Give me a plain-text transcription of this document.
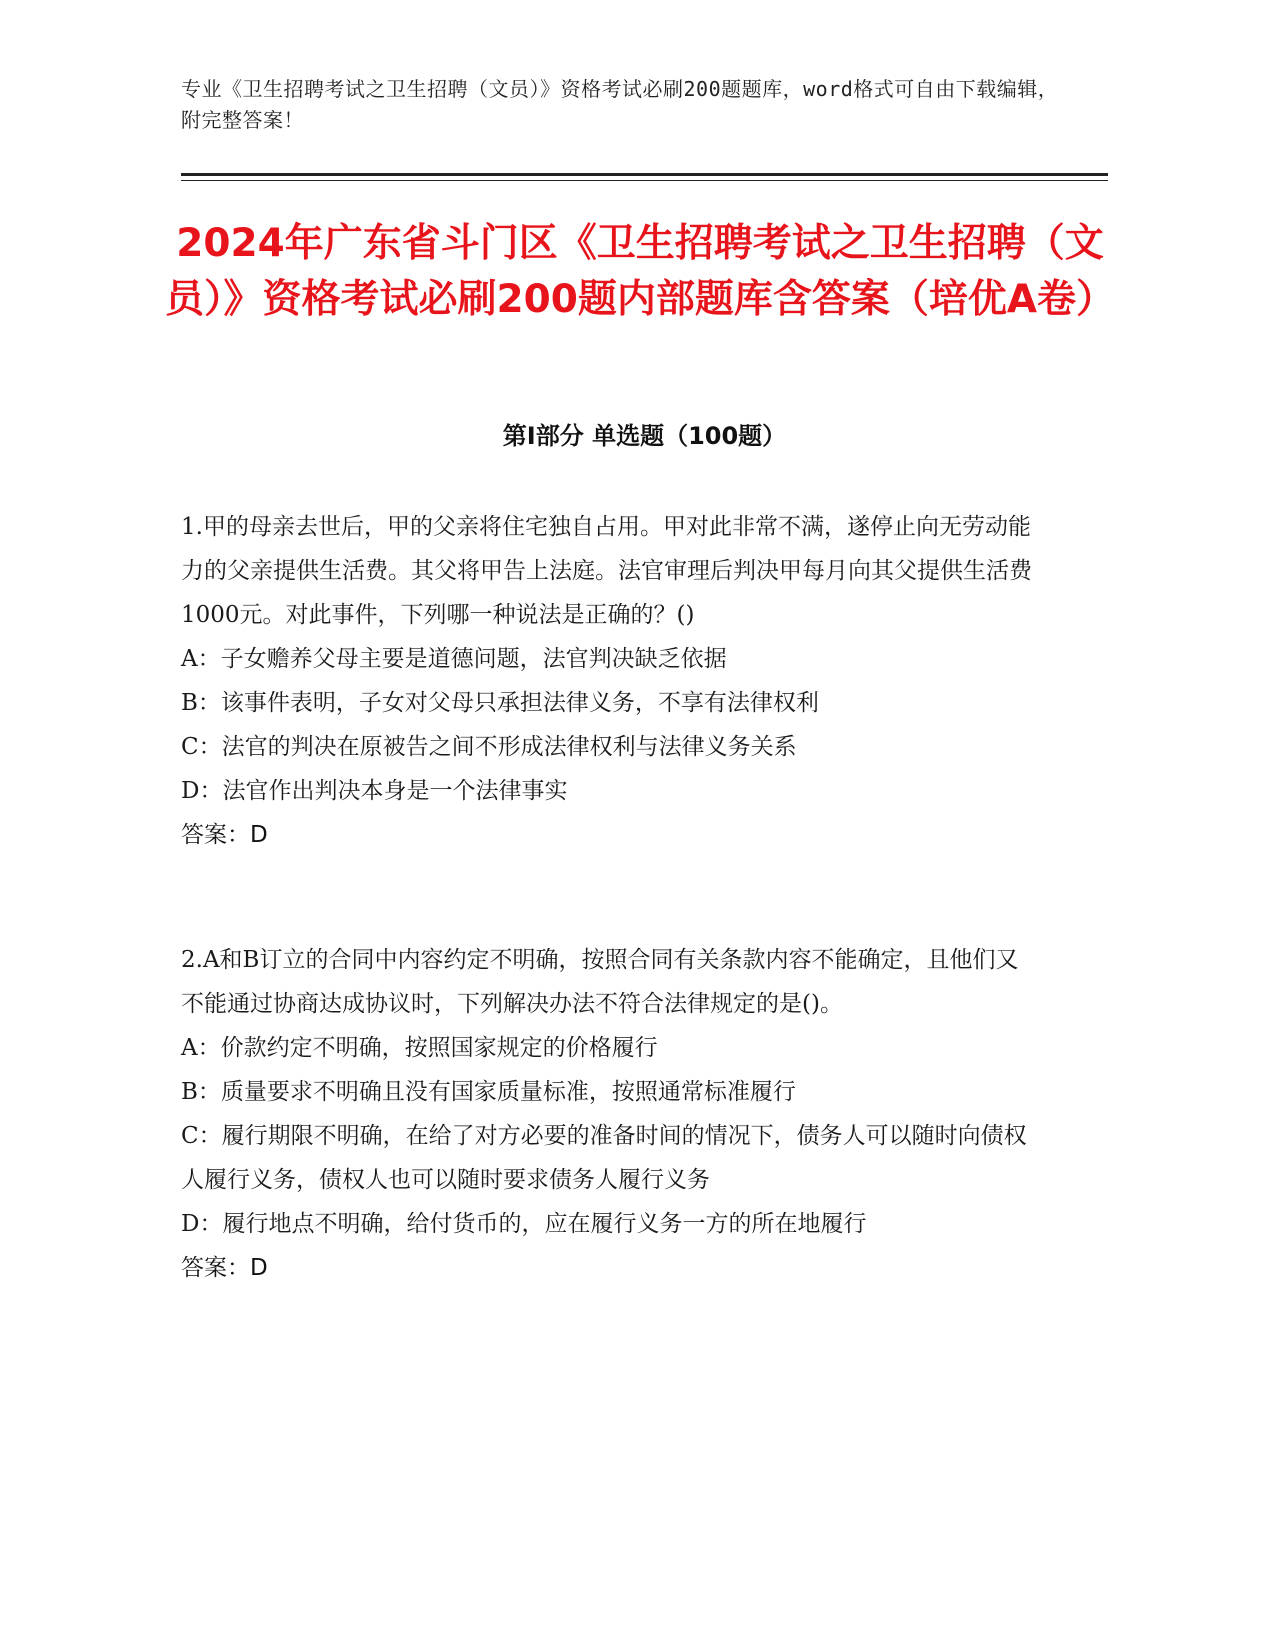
专业《卫生招聘考试之卫生招聘（文员）》资格考试必刷200题题库，word格式可自由下载编辑，附完整答案！
2024年广东省斗门区《卫生招聘考试之卫生招聘（文员）》资格考试必刷200题内部题库含答案（培优A卷）
第I部分 单选题（100题）

1.甲的母亲去世后，甲的父亲将住宅独自占用。甲对此非常不满，遂停止向无劳动能力的父亲提供生活费。其父将甲告上法庭。法官审理后判决甲每月向其父提供生活费1000元。对此事件，下列哪一种说法是正确的？()

A：子女赡养父母主要是道德问题，法官判决缺乏依据

B：该事件表明，子女对父母只承担法律义务，不享有法律权利

C：法官的判决在原被告之间不形成法律权利与法律义务关系

D：法官作出判决本身是一个法律事实

答案：D

2.A和B订立的合同中内容约定不明确，按照合同有关条款内容不能确定，且他们又不能通过协商达成协议时，下列解决办法不符合法律规定的是()。

A：价款约定不明确，按照国家规定的价格履行

B：质量要求不明确且没有国家质量标准，按照通常标准履行

C：履行期限不明确，在给了对方必要的准备时间的情况下，债务人可以随时向债权人履行义务，债权人也可以随时要求债务人履行义务

D：履行地点不明确，给付货币的，应在履行义务一方的所在地履行

答案：D
